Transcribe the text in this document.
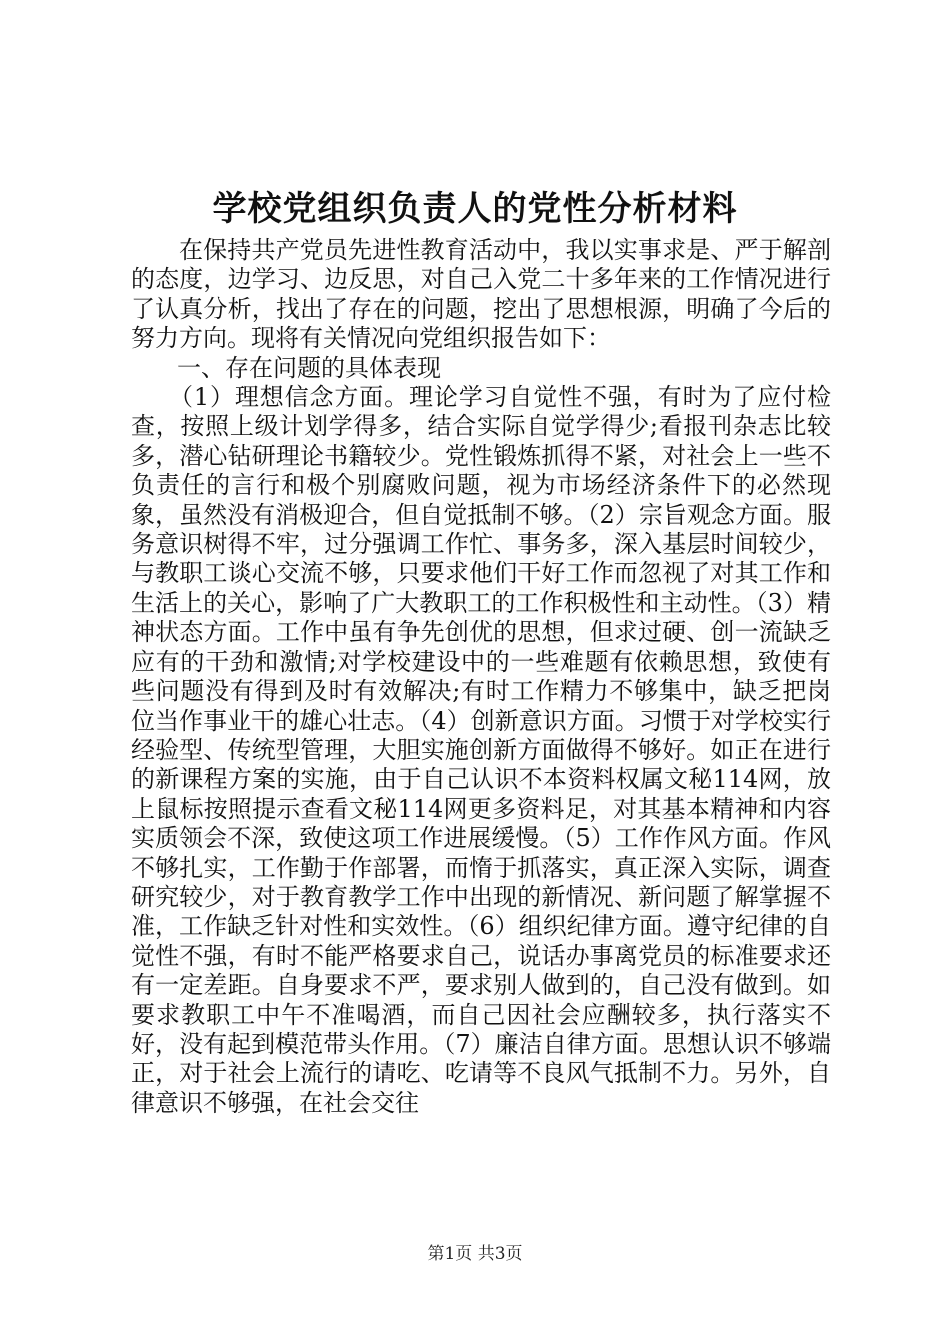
学校党组织负责人的党性分析材料

在保持共产党员先进性教育活动中，我以实事求是、严于解剖的态度，边学习、边反思，对自己入党二十多年来的工作情况进行了认真分析，找出了存在的问题，挖出了思想根源，明确了今后的努力方向。现将有关情况向党组织报告如下：

一、存在问题的具体表现

（1）理想信念方面。理论学习自觉性不强，有时为了应付检查，按照上级计划学得多，结合实际自觉学得少;看报刊杂志比较多，潜心钻研理论书籍较少。党性锻炼抓得不紧，对社会上一些不负责任的言行和极个别腐败问题，视为市场经济条件下的必然现象，虽然没有消极迎合，但自觉抵制不够。（2）宗旨观念方面。服务意识树得不牢，过分强调工作忙、事务多，深入基层时间较少，与教职工谈心交流不够，只要求他们干好工作而忽视了对其工作和生活上的关心，影响了广大教职工的工作积极性和主动性。（3）精神状态方面。工作中虽有争先创优的思想，但求过硬、创一流缺乏应有的干劲和激情;对学校建设中的一些难题有依赖思想，致使有些问题没有得到及时有效解决;有时工作精力不够集中，缺乏把岗位当作事业干的雄心壮志。（4）创新意识方面。习惯于对学校实行经验型、传统型管理，大胆实施创新方面做得不够好。如正在进行的新课程方案的实施，由于自己认识不本资料权属文秘114网，放上鼠标按照提示查看文秘114网更多资料足，对其基本精神和内容实质领会不深，致使这项工作进展缓慢。（5）工作作风方面。作风不够扎实，工作勤于作部署，而惰于抓落实，真正深入实际，调查研究较少，对于教育教学工作中出现的新情况、新问题了解掌握不准，工作缺乏针对性和实效性。（6）组织纪律方面。遵守纪律的自觉性不强，有时不能严格要求自己，说话办事离党员的标准要求还有一定差距。自身要求不严，要求别人做到的，自己没有做到。如要求教职工中午不准喝酒，而自己因社会应酬较多，执行落实不好，没有起到模范带头作用。（7）廉洁自律方面。思想认识不够端正，对于社会上流行的请吃、吃请等不良风气抵制不力。另外，自律意识不够强，在社会交往

第1页 共3页
